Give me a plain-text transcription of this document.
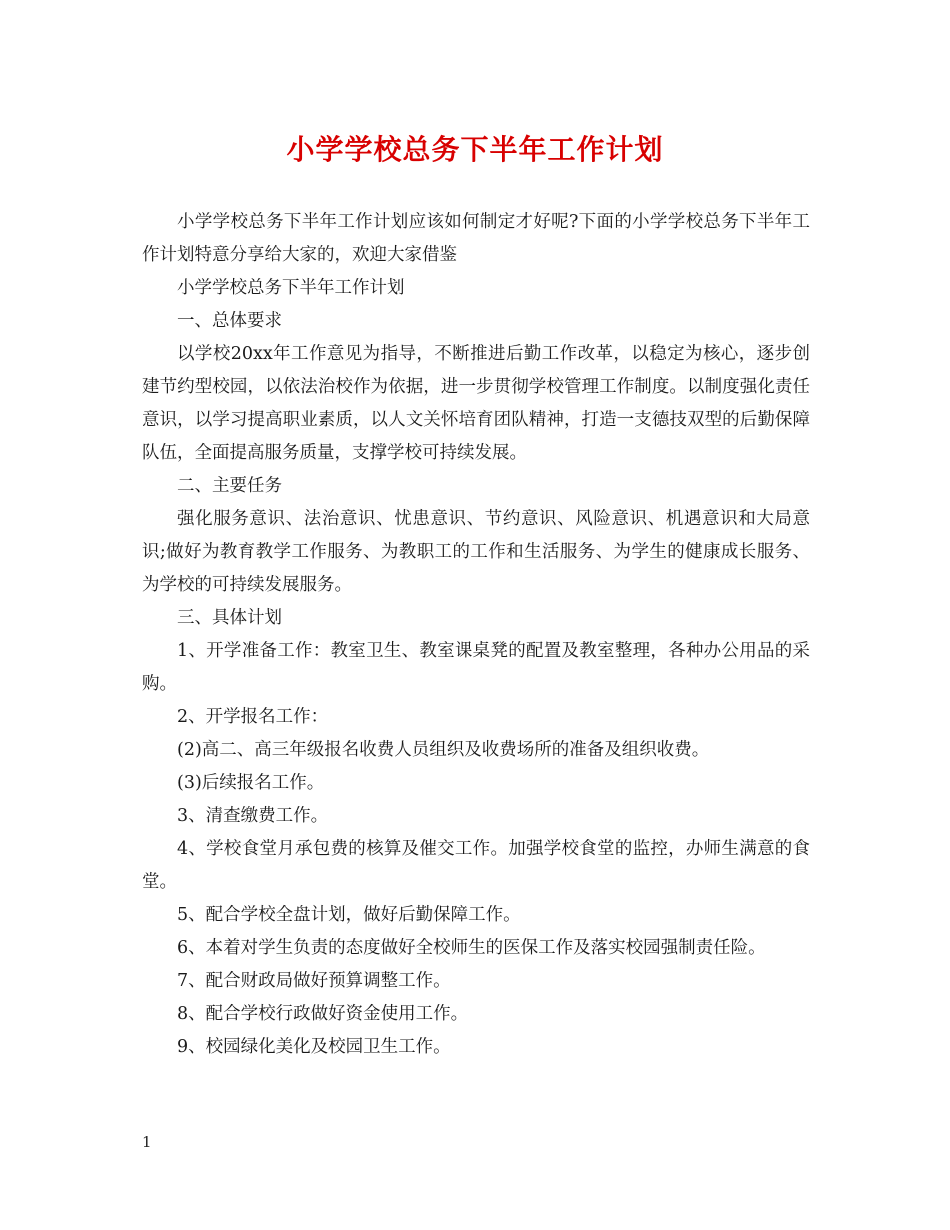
小学学校总务下半年工作计划

小学学校总务下半年工作计划应该如何制定才好呢?下面的小学学校总务下半年工作计划特意分享给大家的，欢迎大家借鉴

小学学校总务下半年工作计划

一、总体要求

以学校20xx年工作意见为指导，不断推进后勤工作改革，以稳定为核心，逐步创建节约型校园，以依法治校作为依据，进一步贯彻学校管理工作制度。以制度强化责任意识，以学习提高职业素质，以人文关怀培育团队精神，打造一支德技双型的后勤保障队伍，全面提高服务质量，支撑学校可持续发展。

二、主要任务

强化服务意识、法治意识、忧患意识、节约意识、风险意识、机遇意识和大局意识;做好为教育教学工作服务、为教职工的工作和生活服务、为学生的健康成长服务、为学校的可持续发展服务。

三、具体计划

1、开学准备工作：教室卫生、教室课桌凳的配置及教室整理，各种办公用品的采购。

2、开学报名工作：

(2)高二、高三年级报名收费人员组织及收费场所的准备及组织收费。

(3)后续报名工作。

3、清查缴费工作。

4、学校食堂月承包费的核算及催交工作。加强学校食堂的监控，办师生满意的食堂。

5、配合学校全盘计划，做好后勤保障工作。

6、本着对学生负责的态度做好全校师生的医保工作及落实校园强制责任险。

7、配合财政局做好预算调整工作。

8、配合学校行政做好资金使用工作。

9、校园绿化美化及校园卫生工作。

1
